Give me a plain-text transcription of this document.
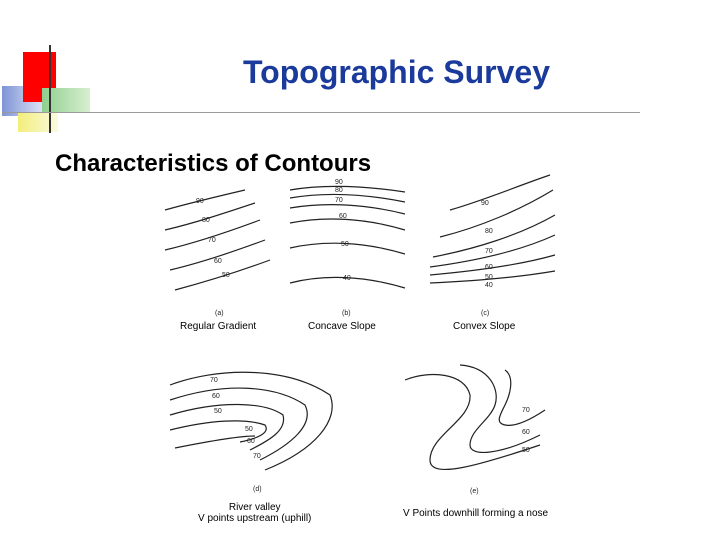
Topographic Survey
Characteristics of Contours
90
80
70
60
50
(a)
Regular Gradient
90
80
70
60
50
40
(b)
Concave Slope
90
80
70
60
50
40
(c)
Convex Slope
70
60
50
50
60
70
(d)
River valley
V points upstream (uphill)
70
60
50
(e)
V Points downhill forming a nose
